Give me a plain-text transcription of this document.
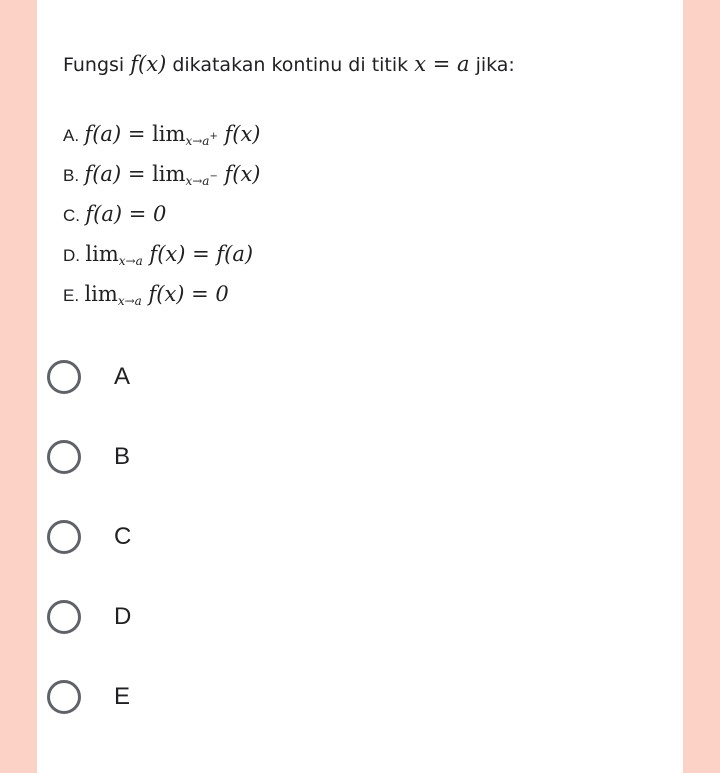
Fungsi f(x) dikatakan kontinu di titik x = a jika:
A. $f(a) = \lim_{x\to a^+} f(x)$
B. $f(a) = \lim_{x\to a^-} f(x)$
C. f(a) = 0
D. $\lim_{x\to a} f(x) = f(a)$
E. $\lim_{x\to a} f(x) = 0$
A
B
C
D
E
